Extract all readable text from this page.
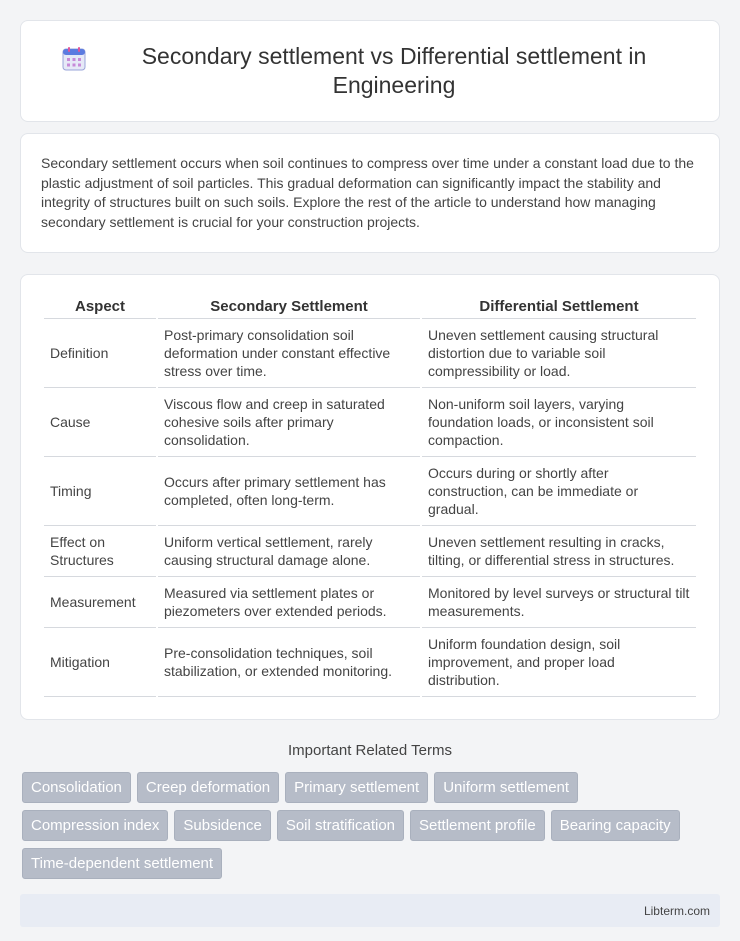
Secondary settlement vs Differential settlement in Engineering

Secondary settlement occurs when soil continues to compress over time under a constant load due to the plastic adjustment of soil particles. This gradual deformation can significantly impact the stability and integrity of structures built on such soils. Explore the rest of the article to understand how managing secondary settlement is crucial for your construction projects.

Aspect	Secondary Settlement	Differential Settlement
Definition	Post-primary consolidation soil deformation under constant effective stress over time.	Uneven settlement causing structural distortion due to variable soil compressibility or load.
Cause	Viscous flow and creep in saturated cohesive soils after primary consolidation.	Non-uniform soil layers, varying foundation loads, or inconsistent soil compaction.
Timing	Occurs after primary settlement has completed, often long-term.	Occurs during or shortly after construction, can be immediate or gradual.
Effect on Structures	Uniform vertical settlement, rarely causing structural damage alone.	Uneven settlement resulting in cracks, tilting, or differential stress in structures.
Measurement	Measured via settlement plates or piezometers over extended periods.	Monitored by level surveys or structural tilt measurements.
Mitigation	Pre-consolidation techniques, soil stabilization, or extended monitoring.	Uniform foundation design, soil improvement, and proper load distribution.
Important Related Terms
Consolidation	Creep deformation	Primary settlement	Uniform settlement
Compression index	Subsidence	Soil stratification	Settlement profile	Bearing capacity
Time-dependent settlement
Libterm.com
